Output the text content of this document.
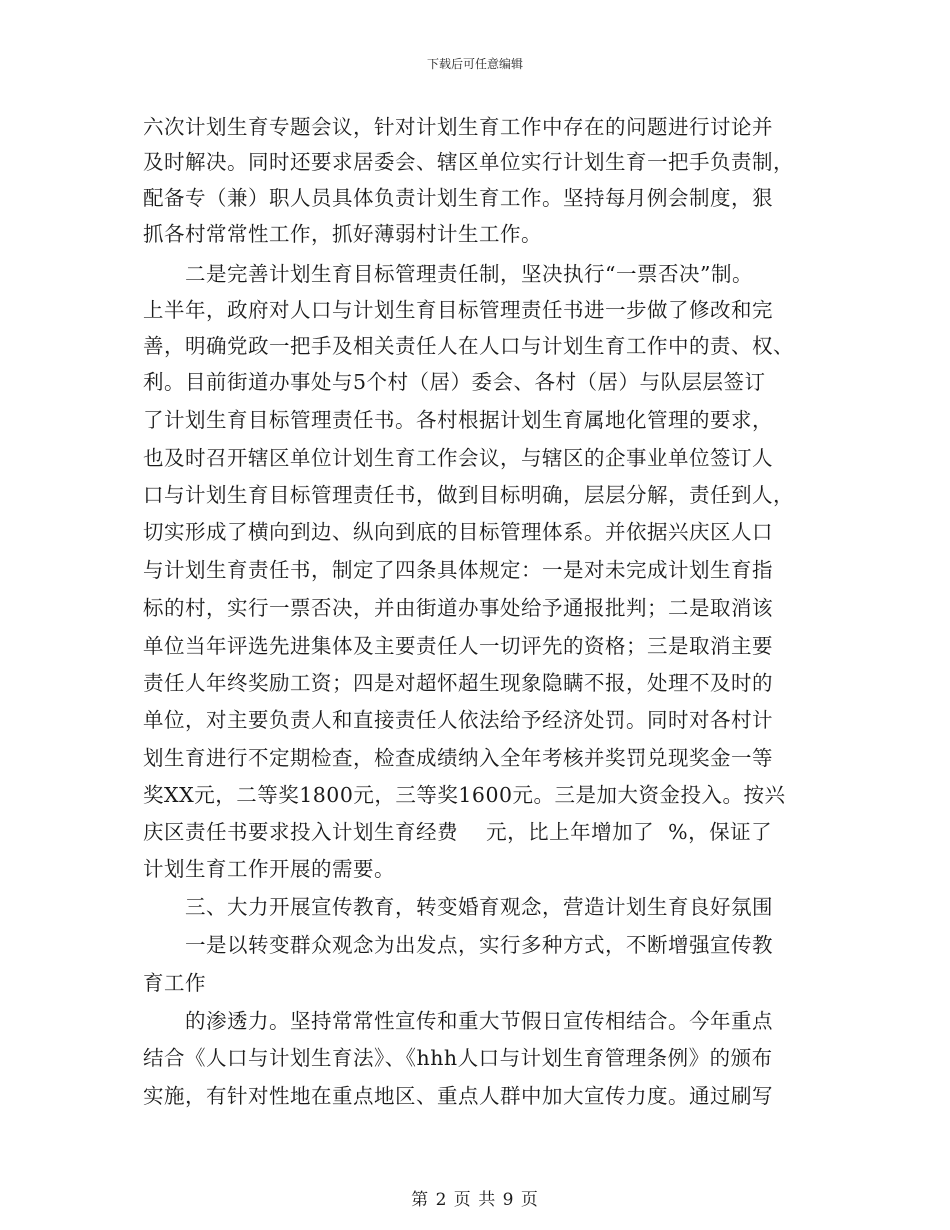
下载后可任意编辑
六次计划生育专题会议，针对计划生育工作中存在的问题进行讨论并
及时解决。同时还要求居委会、辖区单位实行计划生育一把手负责制，
配备专（兼）职人员具体负责计划生育工作。坚持每月例会制度，狠
抓各村常常性工作，抓好薄弱村计生工作。
二是完善计划生育目标管理责任制，坚决执行“一票否决”制。
上半年，政府对人口与计划生育目标管理责任书进一步做了修改和完
善，明确党政一把手及相关责任人在人口与计划生育工作中的责、权、
利。目前街道办事处与5个村（居）委会、各村（居）与队层层签订
了计划生育目标管理责任书。各村根据计划生育属地化管理的要求，
也及时召开辖区单位计划生育工作会议，与辖区的企事业单位签订人
口与计划生育目标管理责任书，做到目标明确，层层分解，责任到人，
切实形成了横向到边、纵向到底的目标管理体系。并依据兴庆区人口
与计划生育责任书，制定了四条具体规定：一是对未完成计划生育指
标的村，实行一票否决，并由街道办事处给予通报批判；二是取消该
单位当年评选先进集体及主要责任人一切评先的资格；三是取消主要
责任人年终奖励工资；四是对超怀超生现象隐瞒不报，处理不及时的
单位，对主要负责人和直接责任人依法给予经济处罚。同时对各村计
划生育进行不定期检查，检查成绩纳入全年考核并奖罚兑现奖金一等
奖XX元，二等奖1800元，三等奖1600元。三是加大资金投入。按兴
庆区责任书要求投入计划生育经费    元，比上年增加了  %，保证了
计划生育工作开展的需要。
三、大力开展宣传教育，转变婚育观念，营造计划生育良好氛围
一是以转变群众观念为出发点，实行多种方式，不断增强宣传教
育工作
的渗透力。坚持常常性宣传和重大节假日宣传相结合。今年重点
结合《人口与计划生育法》、《hhh人口与计划生育管理条例》的颁布
实施，有针对性地在重点地区、重点人群中加大宣传力度。通过刷写
第 2 页 共 9 页
